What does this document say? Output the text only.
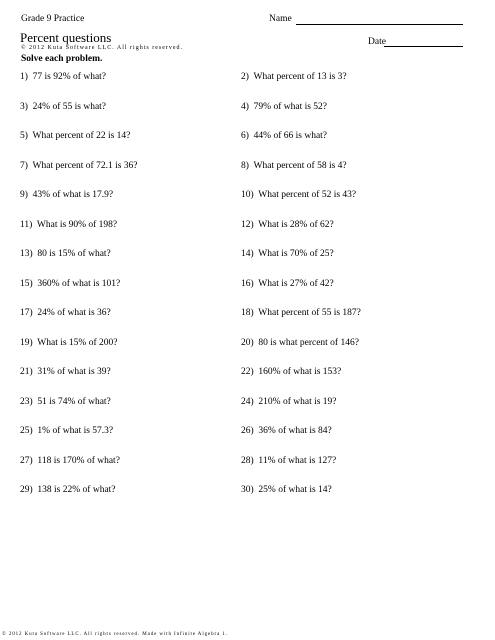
Grade 9 Practice	Name
Percent questions	Date
© 2012 Kuta Software LLC. All rights reserved.
Solve each problem.
1) 77 is 92% of what?	2) What percent of 13 is 3?
3) 24% of 55 is what?	4) 79% of what is 52?
5) What percent of 22 is 14?	6) 44% of 66 is what?
7) What percent of 72.1 is 36?	8) What percent of 58 is 4?
9) 43% of what is 17.9?	10) What percent of 52 is 43?
11) What is 90% of 198?	12) What is 28% of 62?
13) 80 is 15% of what?	14) What is 70% of 25?
15) 360% of what is 101?	16) What is 27% of 42?
17) 24% of what is 36?	18) What percent of 55 is 187?
19) What is 15% of 200?	20) 80 is what percent of 146?
21) 31% of what is 39?	22) 160% of what is 153?
23) 51 is 74% of what?	24) 210% of what is 19?
25) 1% of what is 57.3?	26) 36% of what is 84?
27) 118 is 170% of what?	28) 11% of what is 127?
29) 138 is 22% of what?	30) 25% of what is 14?
© 2012 Kuta Software LLC. All rights reserved. Made with Infinite Algebra 1.
